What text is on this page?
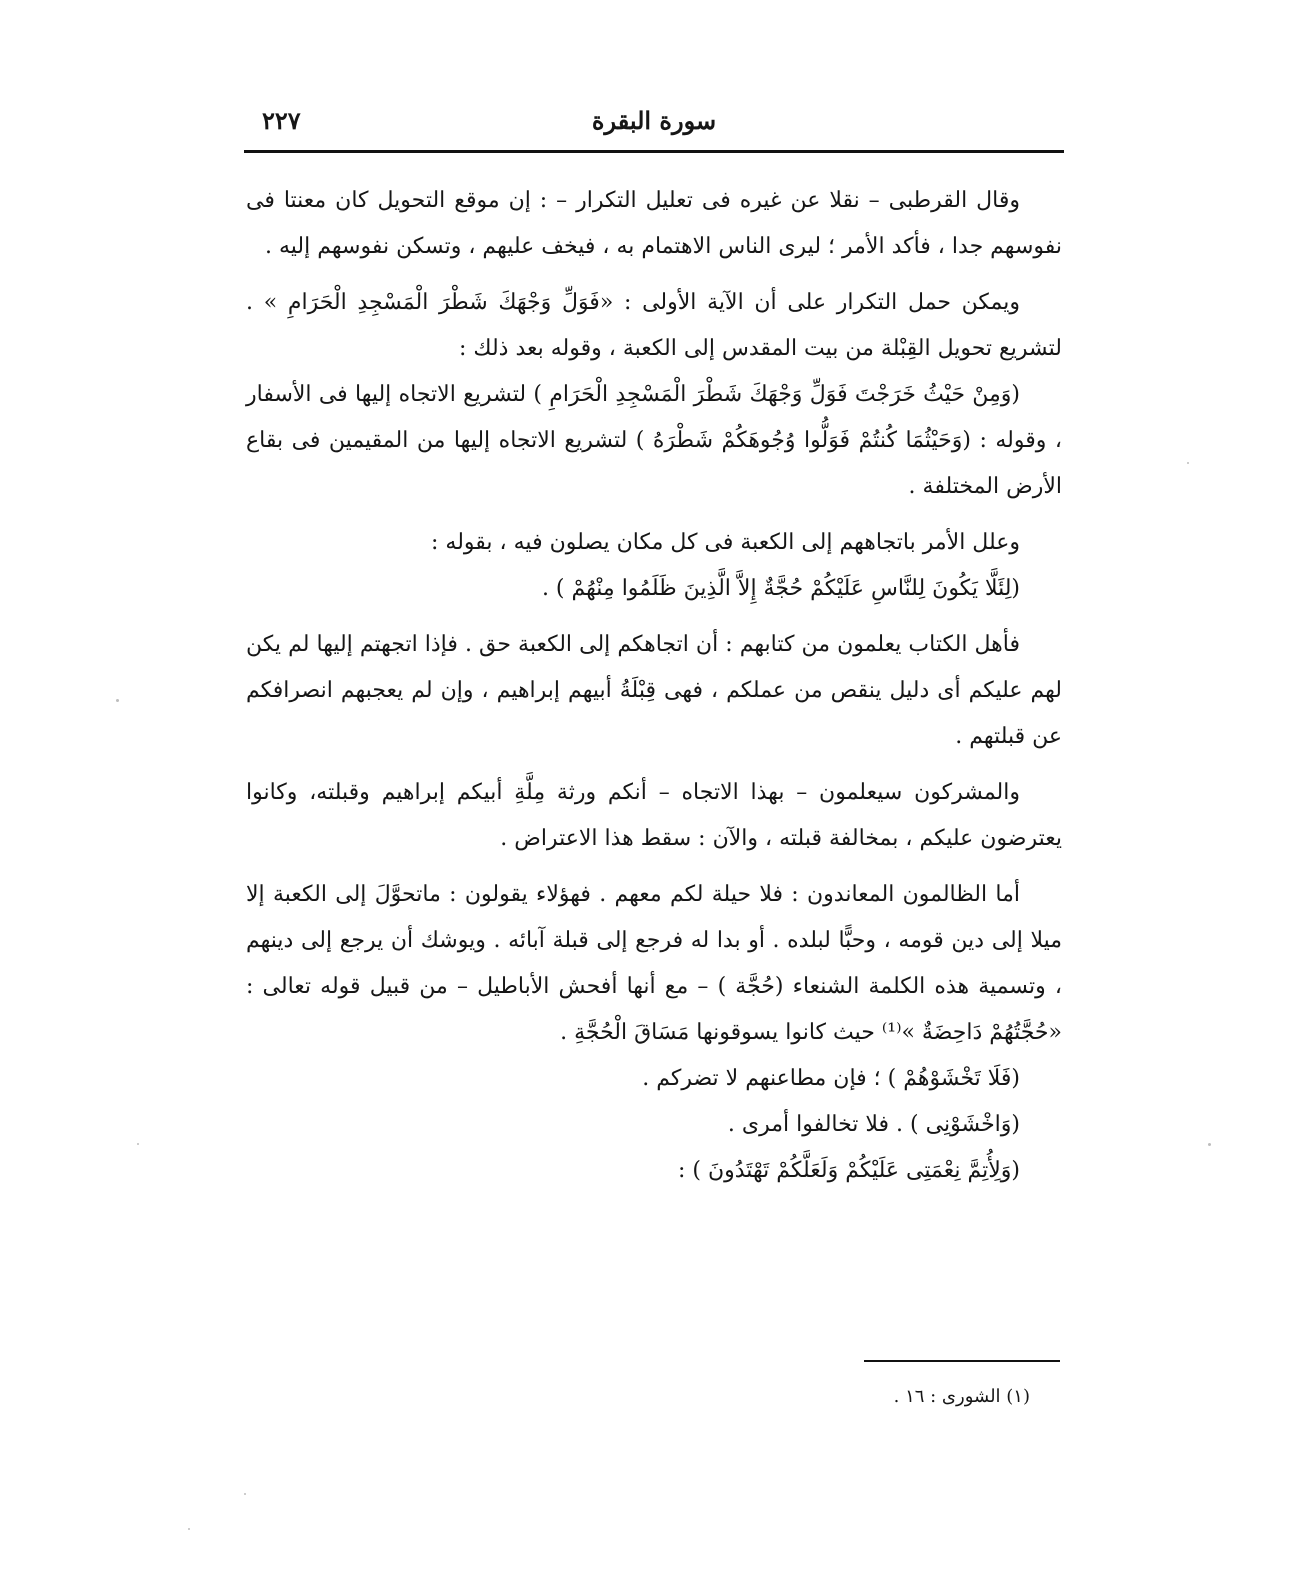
سورة البقرة
٢٢٧

وقال القرطبى – نقلا عن غيره فى تعليل التكرار – : إن موقع التحويل كان معنتا فى نفوسهم جدا ، فأكد الأمر ؛ ليرى الناس الاهتمام به ، فيخف عليهم ، وتسكن نفوسهم إليه .

ويمكن حمل التكرار على أن الآية الأولى : «فَوَلِّ وَجْهَكَ شَطْرَ الْمَسْجِدِ الْحَرَامِ » . لتشريع تحويل القِبْلة من بيت المقدس إلى الكعبة ، وقوله بعد ذلك :

(وَمِنْ حَيْثُ خَرَجْتَ فَوَلِّ وَجْهَكَ شَطْرَ الْمَسْجِدِ الْحَرَامِ ) لتشريع الاتجاه إليها فى الأسفار ، وقوله : (وَحَيْثُمَا كُنتُمْ فَوَلُّوا وُجُوهَكُمْ شَطْرَهُ ) لتشريع الاتجاه إليها من المقيمين فى بقاع الأرض المختلفة .

وعلل الأمر باتجاههم إلى الكعبة فى كل مكان يصلون فيه ، بقوله :

(لِئَلَّا يَكُونَ لِلنَّاسِ عَلَيْكُمْ حُجَّةٌ إِلاَّ الَّذِينَ ظَلَمُوا مِنْهُمْ ) .

فأهل الكتاب يعلمون من كتابهم : أن اتجاهكم إلى الكعبة حق . فإذا اتجهتم إليها لم يكن لهم عليكم أى دليل ينقص من عملكم ، فهى قِبْلَةُ أبيهم إبراهيم ، وإن لم يعجبهم انصرافكم عن قبلتهم .

والمشركون سيعلمون – بهذا الاتجاه – أنكم ورثة مِلَّةِ أبيكم إبراهيم وقبلته، وكانوا يعترضون عليكم ، بمخالفة قبلته ، والآن : سقط هذا الاعتراض .

أما الظالمون المعاندون : فلا حيلة لكم معهم . فهؤلاء يقولون : ماتحوَّلَ إلى الكعبة إلا ميلا إلى دين قومه ، وحبًّا لبلده . أو بدا له فرجع إلى قبلة آبائه . ويوشك أن يرجع إلى دينهم ، وتسمية هذه الكلمة الشنعاء (حُجَّة ) – مع أنها أفحش الأباطيل – من قبيل قوله تعالى : «حُجَّتُهُمْ دَاحِضَةٌ »⁽¹⁾ حيث كانوا يسوقونها مَسَاقَ الْحُجَّةِ .

(فَلَا تَخْشَوْهُمْ ) ؛ فإن مطاعنهم لا تضركم .

(وَاخْشَوْنِى ) . فلا تخالفوا أمرى .

(وَلِأُتِمَّ نِعْمَتِى عَلَيْكُمْ وَلَعَلَّكُمْ تَهْتَدُونَ ) :

(١) الشورى : ١٦ .
